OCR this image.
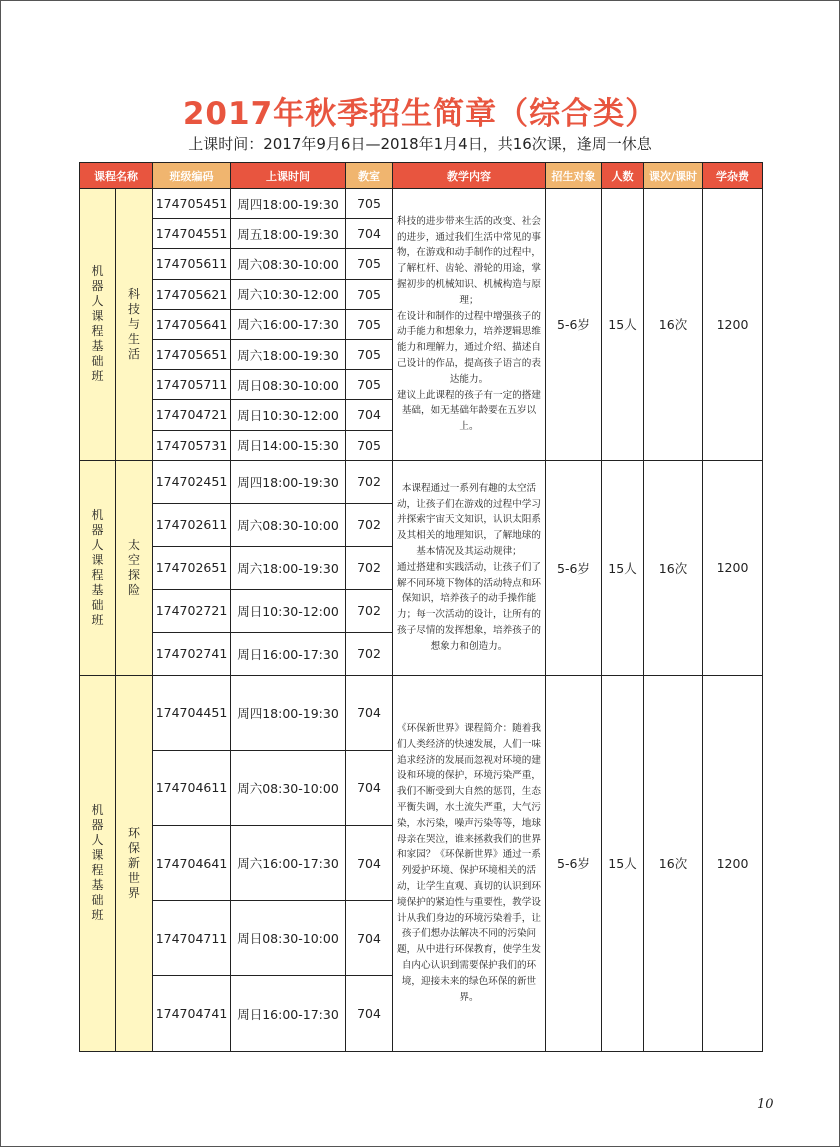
2017年秋季招生简章（综合类）
上课时间：2017年9月6日—2018年1月4日，共16次课，逢周一休息
课程名称		班级编码	上课时间	教室	教学内容	招生对象	人数	课次/课时	学杂费
机器人课程基础班	科技与生活	174705451	周四18:00-19:30	705	科技的进步带来生活的改变、社会的进步，通过我们生活中常见的事物，在游戏和动手制作的过程中，了解杠杆、齿轮、滑轮的用途，掌握初步的机械知识、机械构造与原理；
在设计和制作的过程中增强孩子的动手能力和想象力，培养逻辑思维能力和理解力，通过介绍、描述自己设计的作品，提高孩子语言的表达能力。
建议上此课程的孩子有一定的搭建基础，如无基础年龄要在五岁以上。	5-6岁	15人	16次	1200
		174704551	周五18:00-19:30	704					
		174705611	周六08:30-10:00	705					
		174705621	周六10:30-12:00	705					
		174705641	周六16:00-17:30	705					
		174705651	周六18:00-19:30	705					
		174705711	周日08:30-10:00	705					
		174704721	周日10:30-12:00	704					
		174705731	周日14:00-15:30	705					
机器人课程基础班	太空探险	174702451	周四18:00-19:30	702	本课程通过一系列有趣的太空活动，让孩子们在游戏的过程中学习并探索宇宙天文知识，认识太阳系及其相关的地理知识，了解地球的基本情况及其运动规律；
通过搭建和实践活动，让孩子们了解不同环境下物体的活动特点和环保知识，培养孩子的动手操作能力；每一次活动的设计，让所有的孩子尽情的发挥想象，培养孩子的想象力和创造力。	5-6岁	15人	16次	1200
		174702611	周六08:30-10:00	702					
		174702651	周六18:00-19:30	702					
		174702721	周日10:30-12:00	702					
		174702741	周日16:00-17:30	702					
机器人课程基础班	环保新世界	174704451	周四18:00-19:30	704	《环保新世界》课程简介：随着我们人类经济的快速发展，人们一味追求经济的发展而忽视对环境的建设和环境的保护，环境污染严重，我们不断受到大自然的惩罚，生态平衡失调，水土流失严重，大气污染，水污染，噪声污染等等，地球母亲在哭泣，谁来拯救我们的世界和家园？《环保新世界》通过一系列爱护环境、保护环境相关的活动，让学生直观、真切的认识到环境保护的紧迫性与重要性，教学设计从我们身边的环境污染着手，让孩子们想办法解决不同的污染问题，从中进行环保教育，使学生发自内心认识到需要保护我们的环境，迎接未来的绿色环保的新世界。	5-6岁	15人	16次	1200
		174704611	周六08:30-10:00	704					
		174704641	周六16:00-17:30	704					
		174704711	周日08:30-10:00	704					
		174704741	周日16:00-17:30	704					
10
